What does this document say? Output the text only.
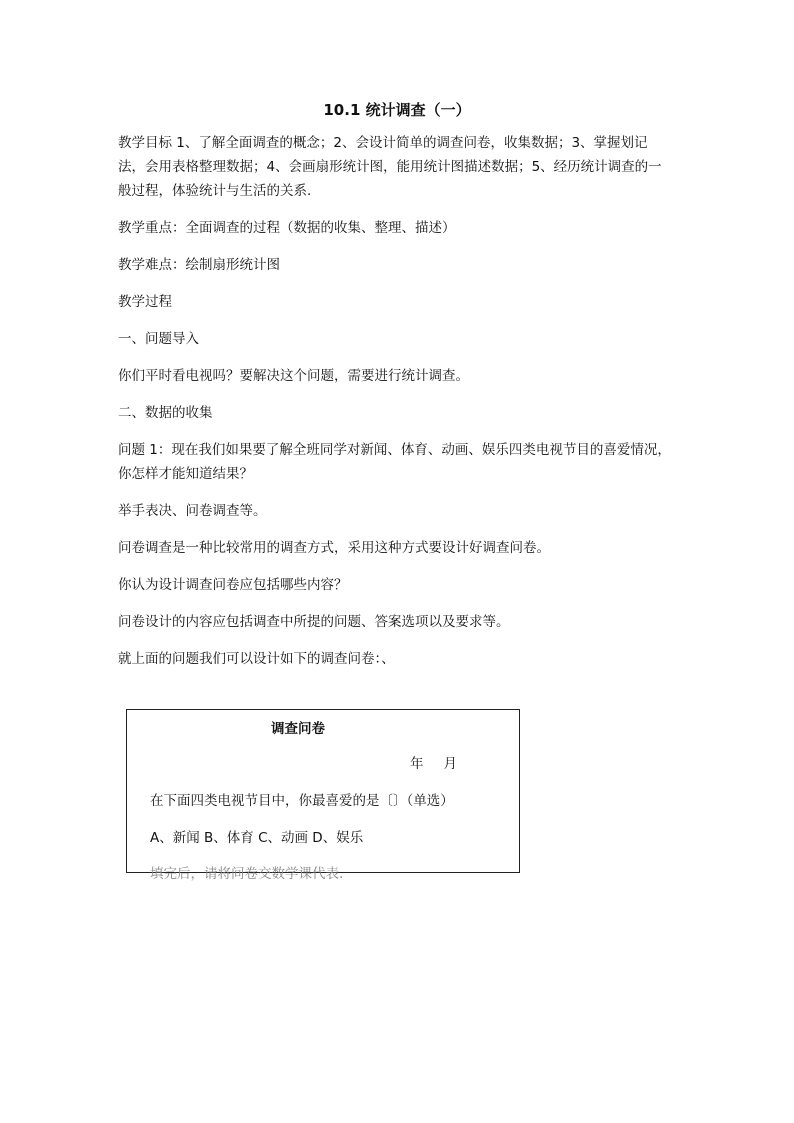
10.1 统计调查（一）

教学目标 1、了解全面调查的概念；2、会设计简单的调查问卷，收集数据；3、掌握划记法，会用表格整理数据；4、会画扇形统计图，能用统计图描述数据；5、经历统计调查的一般过程，体验统计与生活的关系.

教学重点：全面调查的过程（数据的收集、整理、描述）

教学难点：绘制扇形统计图

教学过程

一、问题导入

你们平时看电视吗？要解决这个问题，需要进行统计调查。

二、数据的收集

问题 1：现在我们如果要了解全班同学对新闻、体育、动画、娱乐四类电视节目的喜爱情况，你怎样才能知道结果？

举手表决、问卷调查等。

问卷调查是一种比较常用的调查方式，采用这种方式要设计好调查问卷。

你认为设计调查问卷应包括哪些内容？

问卷设计的内容应包括调查中所提的问题、答案选项以及要求等。

就上面的问题我们可以设计如下的调查问卷：、

调查问卷
年 月
在下面四类电视节目中，你最喜爱的是〔〕（单选）
A、新闻 B、体育 C、动画 D、娱乐
填完后，请将问卷交数学课代表.
